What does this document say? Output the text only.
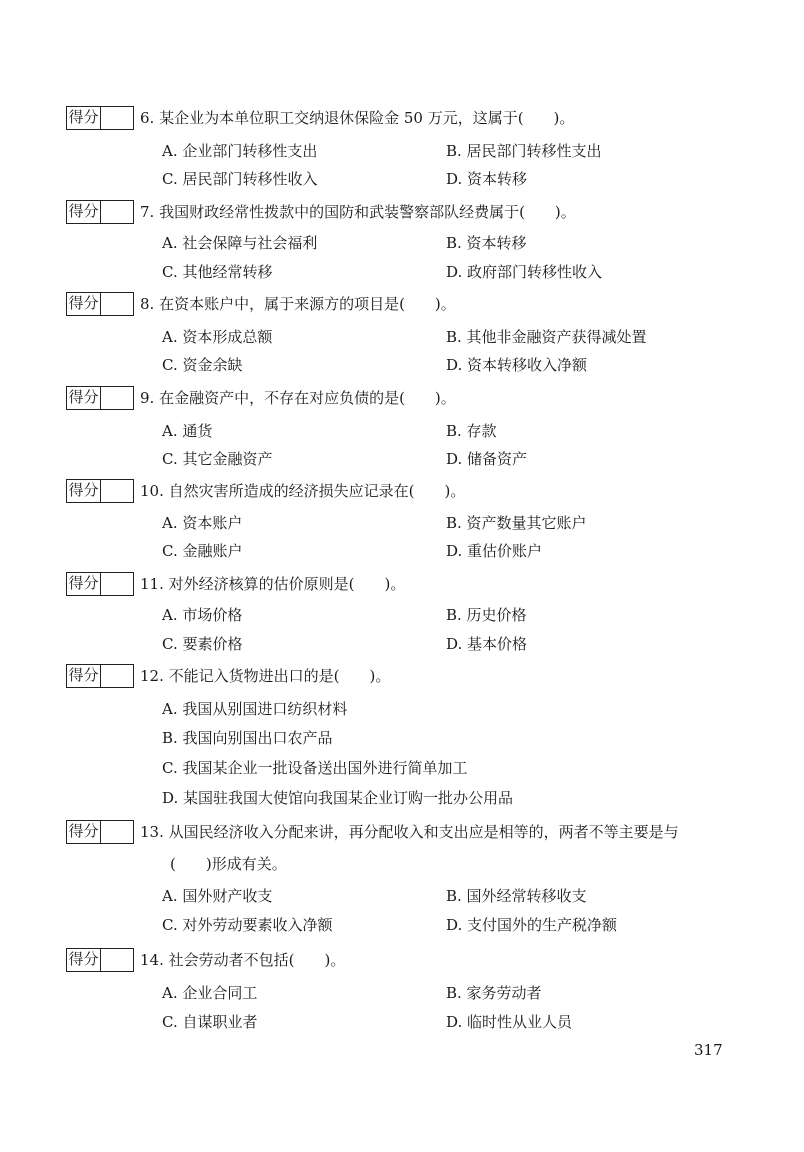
得分	6. 某企业为本单位职工交纳退休保险金 50 万元，这属于(　　)。
A. 企业部门转移性支出	B. 居民部门转移性支出
C. 居民部门转移性收入	D. 资本转移
得分	7. 我国财政经常性拨款中的国防和武装警察部队经费属于(　　)。
A. 社会保障与社会福利	B. 资本转移
C. 其他经常转移	D. 政府部门转移性收入
得分	8. 在资本账户中，属于来源方的项目是(　　)。
A. 资本形成总额	B. 其他非金融资产获得减处置
C. 资金余缺	D. 资本转移收入净额
得分	9. 在金融资产中，不存在对应负债的是(　　)。
A. 通货	B. 存款
C. 其它金融资产	D. 储备资产
得分	10. 自然灾害所造成的经济损失应记录在(　　)。
A. 资本账户	B. 资产数量其它账户
C. 金融账户	D. 重估价账户
得分	11. 对外经济核算的估价原则是(　　)。
A. 市场价格	B. 历史价格
C. 要素价格	D. 基本价格
得分	12. 不能记入货物进出口的是(　　)。
A. 我国从别国进口纺织材料
B. 我国向别国出口农产品
C. 我国某企业一批设备送出国外进行简单加工
D. 某国驻我国大使馆向我国某企业订购一批办公用品
得分	13. 从国民经济收入分配来讲，再分配收入和支出应是相等的，两者不等主要是与
(　　)形成有关。
A. 国外财产收支	B. 国外经常转移收支
C. 对外劳动要素收入净额	D. 支付国外的生产税净额
得分	14. 社会劳动者不包括(　　)。
A. 企业合同工	B. 家务劳动者
C. 自谋职业者	D. 临时性从业人员
317
